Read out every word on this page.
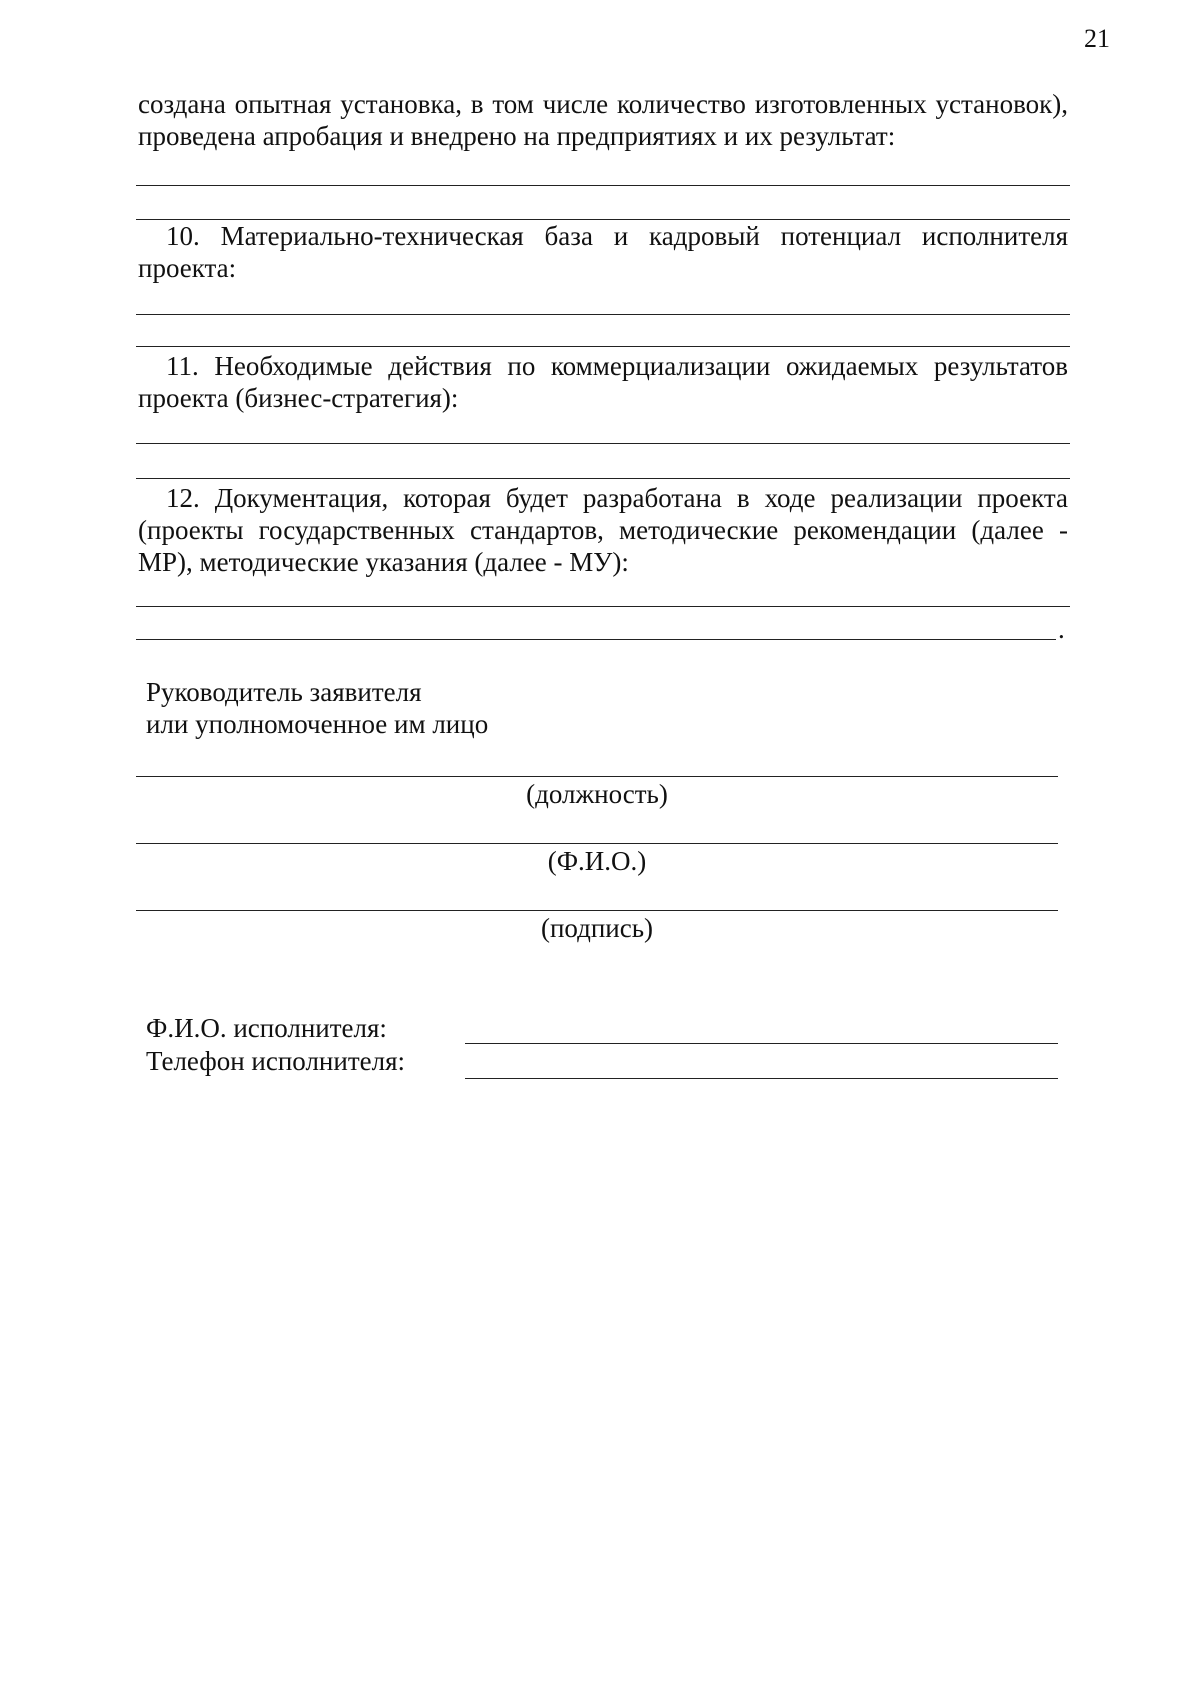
21

создана опытная установка, в том числе количество изготовленных установок), проведена апробация и внедрено на предприятиях и их результат:

10. Материально-техническая база и кадровый потенциал исполнителя проекта:

11. Необходимые действия по коммерциализации ожидаемых результатов проекта (бизнес-стратегия):

12. Документация, которая будет разработана в ходе реализации проекта (проекты государственных стандартов, методические рекомендации (далее - МР), методические указания (далее - МУ):

.
Руководитель заявителя
или уполномоченное им лицо
(должность)
(Ф.И.О.)
(подпись)
Ф.И.О. исполнителя:
Телефон исполнителя:
